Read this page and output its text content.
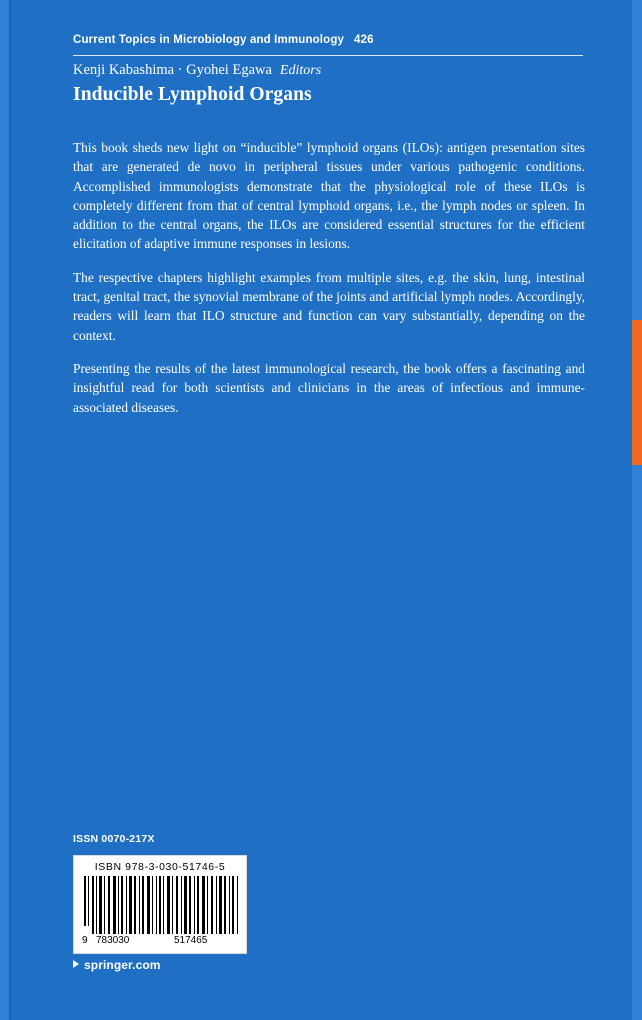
Current Topics in Microbiology and Immunology 426
Kenji Kabashima · Gyohei Egawa Editors
Inducible Lymphoid Organs

This book sheds new light on “inducible” lymphoid organs (ILOs): antigen presentation sites that are generated de novo in peripheral tissues under various pathogenic conditions. Accomplished immunologists demonstrate that the physiological role of these ILOs is completely different from that of central lymphoid organs, i.e., the lymph nodes or spleen. In addition to the central organs, the ILOs are considered essential structures for the efficient elicitation of adaptive immune responses in lesions.

The respective chapters highlight examples from multiple sites, e.g. the skin, lung, intestinal tract, genital tract, the synovial membrane of the joints and artificial lymph nodes. Accordingly, readers will learn that ILO structure and function can vary substantially, depending on the context.

Presenting the results of the latest immunological research, the book offers a fascinating and insightful read for both scientists and clinicians in the areas of infectious and immune-associated diseases.

ISSN 0070-217X
ISBN 978-3-030-51746-5
9 783030	517465
springer.com
